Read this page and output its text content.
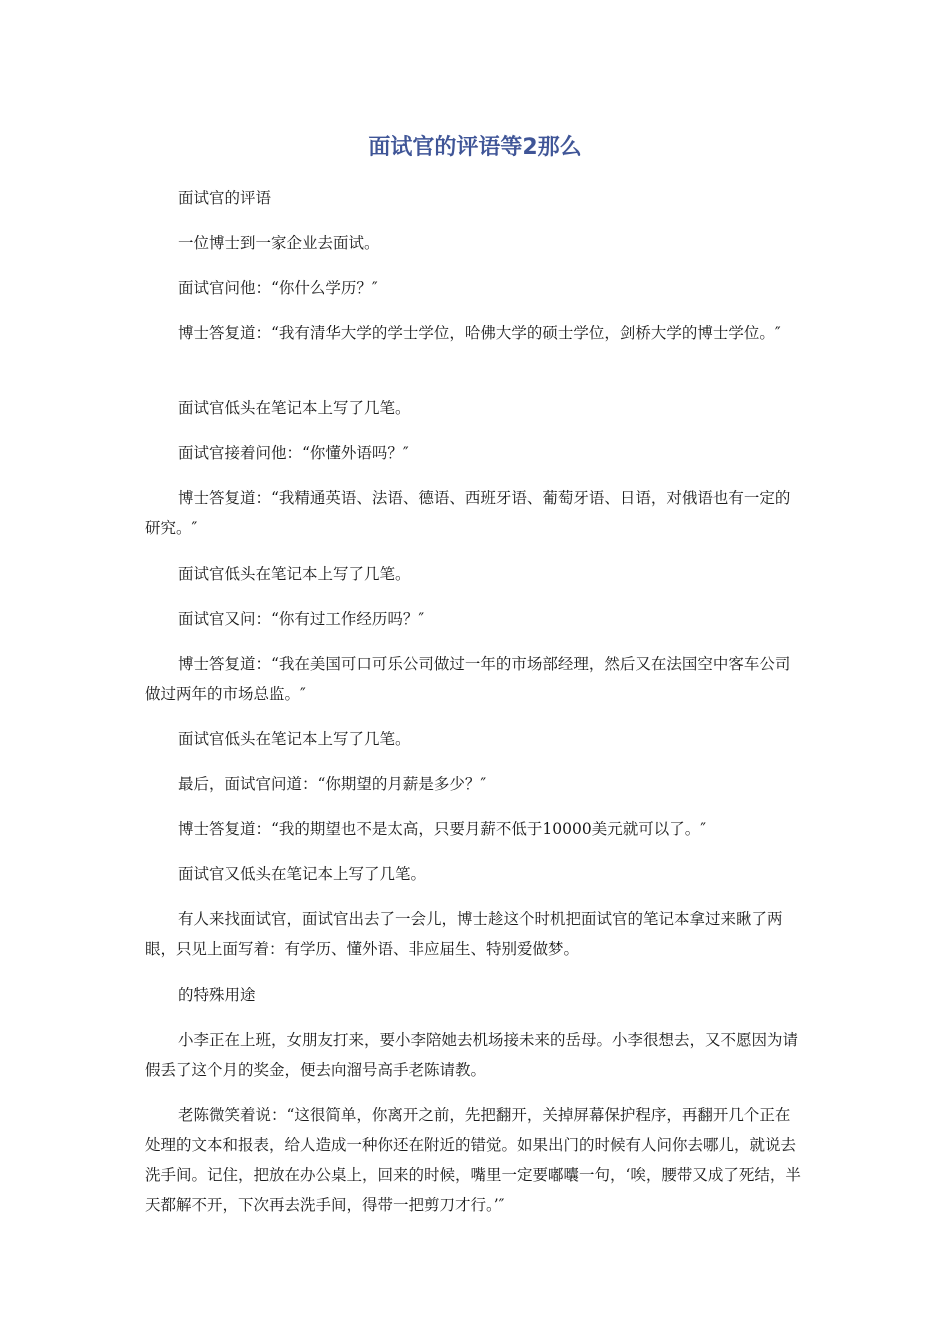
面试官的评语等2那么

面试官的评语

一位博士到一家企业去面试。

面试官问他：“你什么学历？″

博士答复道：“我有清华大学的学士学位，哈佛大学的硕士学位，剑桥大学的博士学位。″

面试官低头在笔记本上写了几笔。

面试官接着问他：“你懂外语吗？″

博士答复道：“我精通英语、法语、德语、西班牙语、葡萄牙语、日语，对俄语也有一定的研究。″

面试官低头在笔记本上写了几笔。

面试官又问：“你有过工作经历吗？″

博士答复道：“我在美国可口可乐公司做过一年的市场部经理，然后又在法国空中客车公司做过两年的市场总监。″

面试官低头在笔记本上写了几笔。

最后，面试官问道：“你期望的月薪是多少？″

博士答复道：“我的期望也不是太高，只要月薪不低于10000美元就可以了。″

面试官又低头在笔记本上写了几笔。

有人来找面试官，面试官出去了一会儿，博士趁这个时机把面试官的笔记本拿过来瞅了两眼，只见上面写着：有学历、懂外语、非应届生、特别爱做梦。

的特殊用途

小李正在上班，女朋友打来，要小李陪她去机场接未来的岳母。小李很想去，又不愿因为请假丢了这个月的奖金，便去向溜号高手老陈请教。

老陈微笑着说：“这很简单，你离开之前，先把翻开，关掉屏幕保护程序，再翻开几个正在处理的文本和报表，给人造成一种你还在附近的错觉。如果出门的时候有人问你去哪儿，就说去洗手间。记住，把放在办公桌上，回来的时候，嘴里一定要嘟囔一句，‘唉，腰带又成了死结，半天都解不开，下次再去洗手间，得带一把剪刀才行。’″
